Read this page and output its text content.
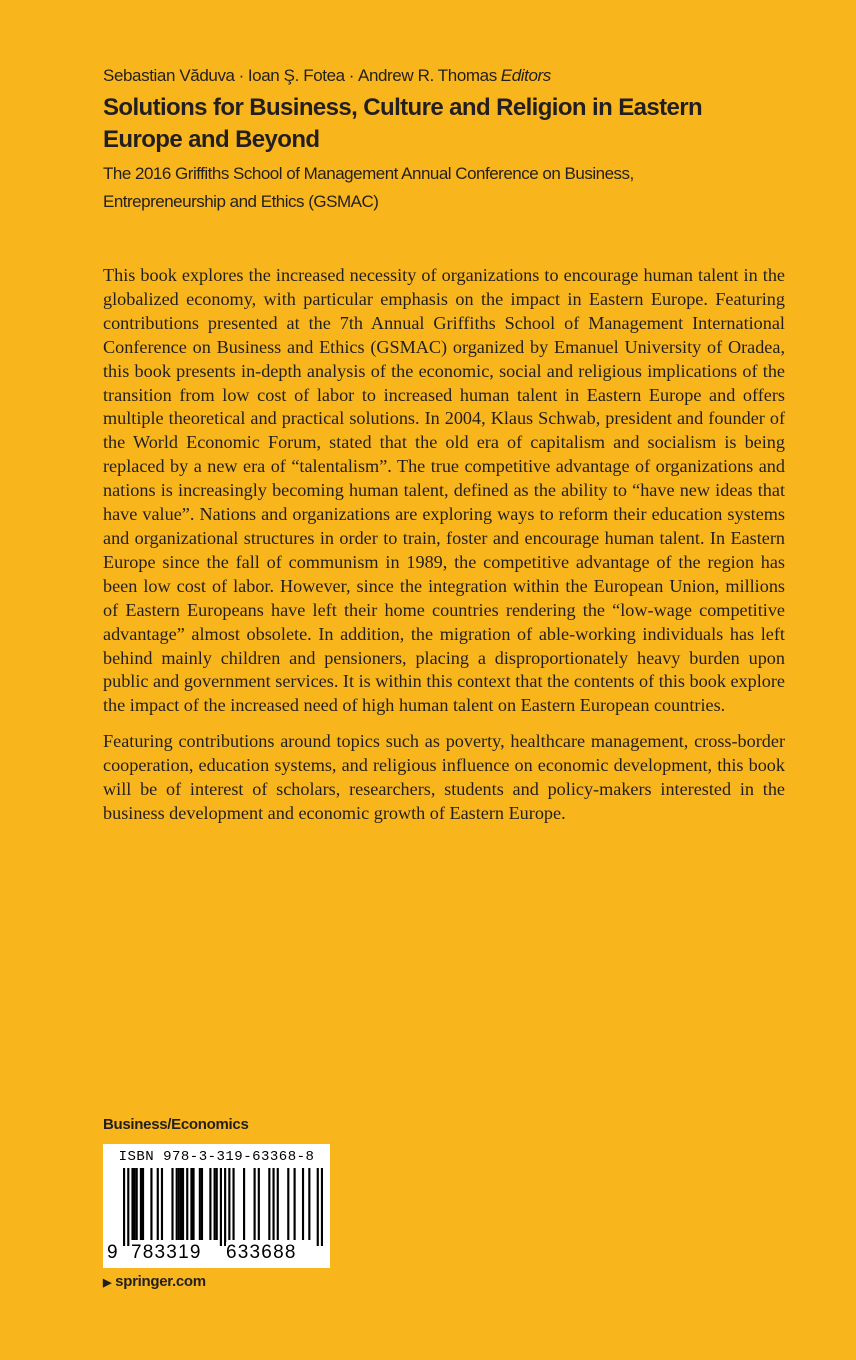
Sebastian Văduva · Ioan Ş. Fotea · Andrew R. Thomas Editors
Solutions for Business, Culture and Religion in Eastern Europe and Beyond

The 2016 Griffiths School of Management Annual Conference on Business, Entrepreneurship and Ethics (GSMAC)

This book explores the increased necessity of organizations to encourage human talent in the globalized economy, with particular emphasis on the impact in Eastern Europe. Featuring contributions presented at the 7th Annual Griffiths School of Management International Conference on Business and Ethics (GSMAC) organized by Emanuel University of Oradea, this book presents in-depth analysis of the economic, social and religious implications of the transition from low cost of labor to increased human talent in Eastern Europe and offers multiple theoretical and practical solutions. In 2004, Klaus Schwab, president and founder of the World Economic Forum, stated that the old era of capitalism and socialism is being replaced by a new era of “talentalism”. The true competitive advantage of organizations and nations is increasingly becoming human talent, defined as the ability to “have new ideas that have value”. Nations and organizations are exploring ways to reform their education systems and organizational structures in order to train, foster and encourage human talent. In Eastern Europe since the fall of communism in 1989, the competitive advantage of the region has been low cost of labor. However, since the integration within the European Union, millions of Eastern Europeans have left their home countries rendering the “low-wage competitive advantage” almost obsolete. In addition, the migration of able-working individuals has left behind mainly children and pensioners, placing a disproportionately heavy burden upon public and government services. It is within this context that the contents of this book explore the impact of the increased need of high human talent on Eastern European countries.

Featuring contributions around topics such as poverty, healthcare management, cross-border cooperation, education systems, and religious influence on economic development, this book will be of interest of scholars, researchers, students and policy-makers interested in the business development and economic growth of Eastern Europe.

Business/Economics
ISBN 978-3-319-63368-8
9 783319 633688
▶ springer.com
